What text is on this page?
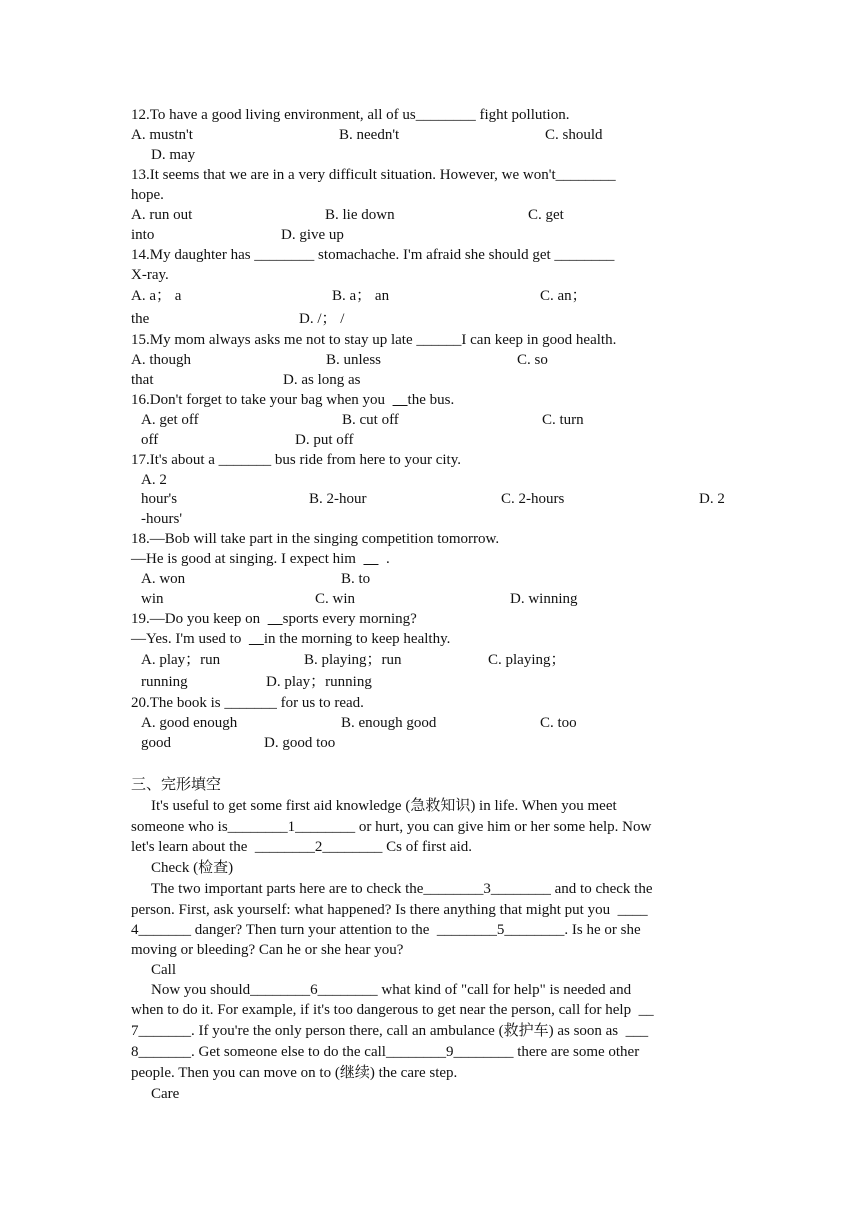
12.To have a good living environment, all of us________ fight pollution.
A. mustn't	B. needn't	C. should
D. may
13.It seems that we are in a very difficult situation. However, we won't________
hope.
A. run out	B. lie down	C. get
into	D. give up
14.My daughter has ________ stomachache. I'm afraid she should get ________
X-ray.
A. a； a	B. a； an	C. an；
the	D. /； /
15.My mom always asks me not to stay up late ______I can keep in good health.
A. though	B. unless	C. so
that	D. as long as
16.Don't forget to take your bag when you the bus.
A. get off	B. cut off	C. turn
off	D. put off
17.It's about a _______ bus ride from here to your city.
A. 2
hour's	B. 2-hour	C. 2-hours	D. 2
-hours'
18.—Bob will take part in the singing competition tomorrow.
—He is good at singing. I expect him .
A. won	B. to
win	C. win	D. winning
19.—Do you keep on sports every morning?
—Yes. I'm used to in the morning to keep healthy.
A. play；run	B. playing；run	C. playing；
running	D. play；running
20.The book is _______ for us to read.
A. good enough	B. enough good	C. too
good	D. good too
三、完形填空
It's useful to get some first aid knowledge (急救知识) in life. When you meet
someone who is________1________ or hurt, you can give him or her some help. Now
let's learn about the  ________2________ Cs of first aid.
Check (检查)
The two important parts here are to check the________3________ and to check the
person. First, ask yourself: what happened? Is there anything that might put you  ____
4_______ danger? Then turn your attention to the  ________5________. Is he or she
moving or bleeding? Can he or she hear you?
Call
Now you should________6________ what kind of "call for help" is needed and
when to do it. For example, if it's too dangerous to get near the person, call for help  __
7_______. If you're the only person there, call an ambulance (救护车) as soon as  ___
8_______. Get someone else to do the call________9________ there are some other
people. Then you can move on to (继续) the care step.
Care
